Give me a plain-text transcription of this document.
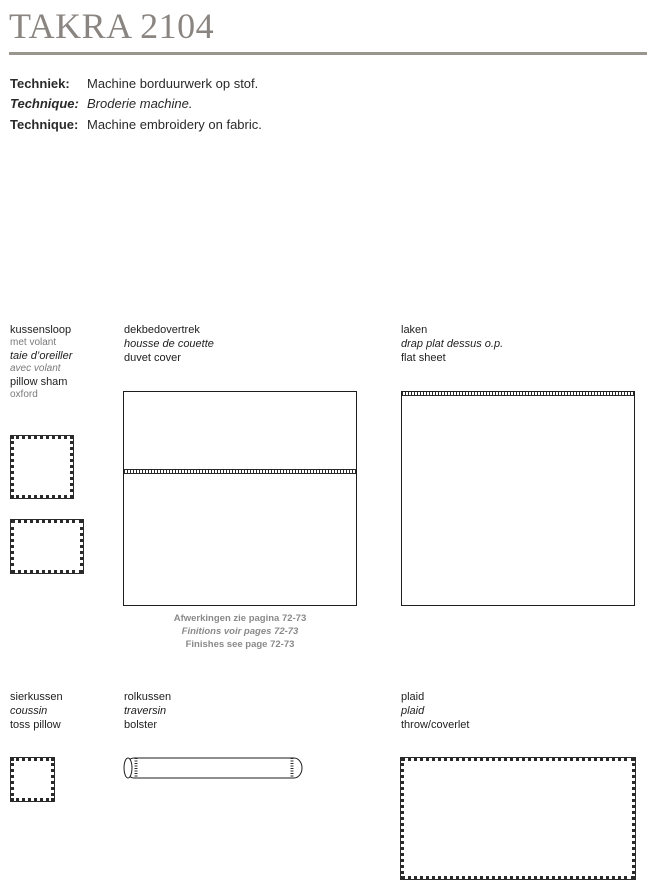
TAKRA 2104
Techniek: Machine borduurwerk op stof.
Technique: Broderie machine.
Technique: Machine embroidery on fabric.
kussensloop
met volant
taie d’oreiller
avec volant
pillow sham
oxford
dekbedovertrek
housse de couette
duvet cover
Afwerkingen zie pagina 72-73
Finitions voir pages 72-73
Finishes see page 72-73
laken
drap plat dessus o.p.
flat sheet
sierkussen
coussin
toss pillow
rolkussen
traversin
bolster
plaid
plaid
throw/coverlet
